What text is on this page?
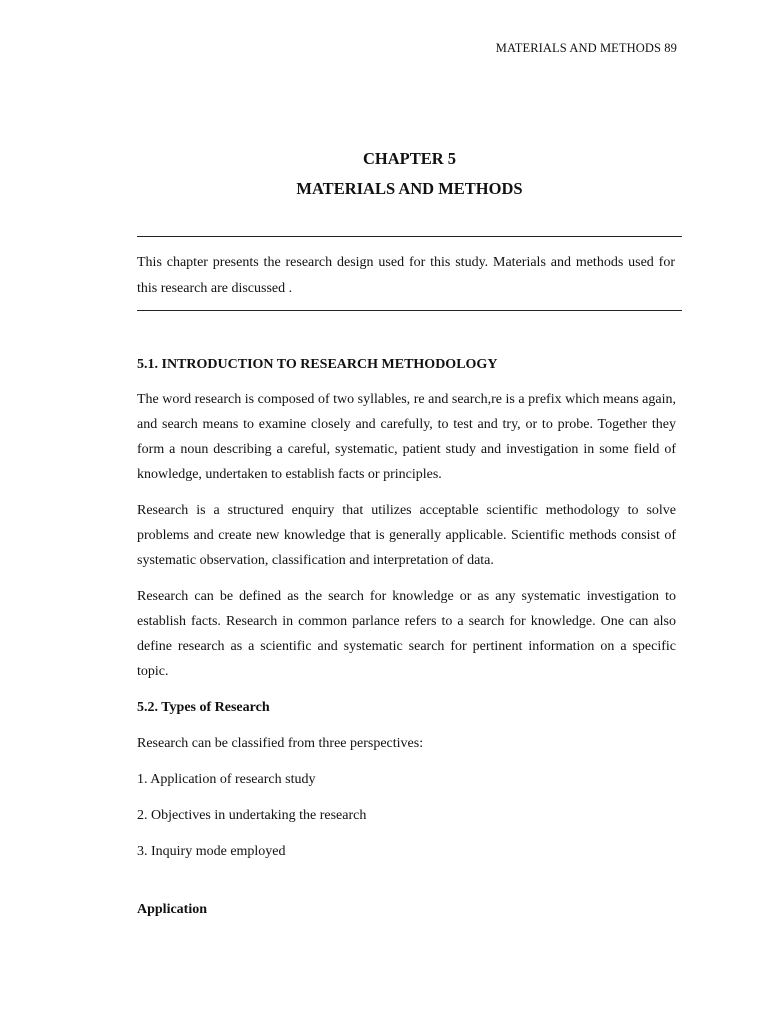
MATERIALS AND METHODS 89
CHAPTER 5
MATERIALS AND METHODS
This chapter presents the research design used for this study. Materials and methods used for this research are discussed .
5.1. INTRODUCTION TO RESEARCH METHODOLOGY

The word research is composed of two syllables, re and search,re is a prefix which means again, and search means to examine closely and carefully, to test and try, or to probe. Together they form a noun describing a careful, systematic, patient study and investigation in some field of knowledge, undertaken to establish facts or principles.

Research is a structured enquiry that utilizes acceptable scientific methodology to solve problems and create new knowledge that is generally applicable. Scientific methods consist of systematic observation, classification and interpretation of data.

Research can be defined as the search for knowledge or as any systematic investigation to establish facts. Research in common parlance refers to a search for knowledge. One can also define research as a scientific and systematic search for pertinent information on a specific topic.

5.2. Types of Research
Research can be classified from three perspectives:
1. Application of research study
2. Objectives in undertaking the research
3. Inquiry mode employed
Application
